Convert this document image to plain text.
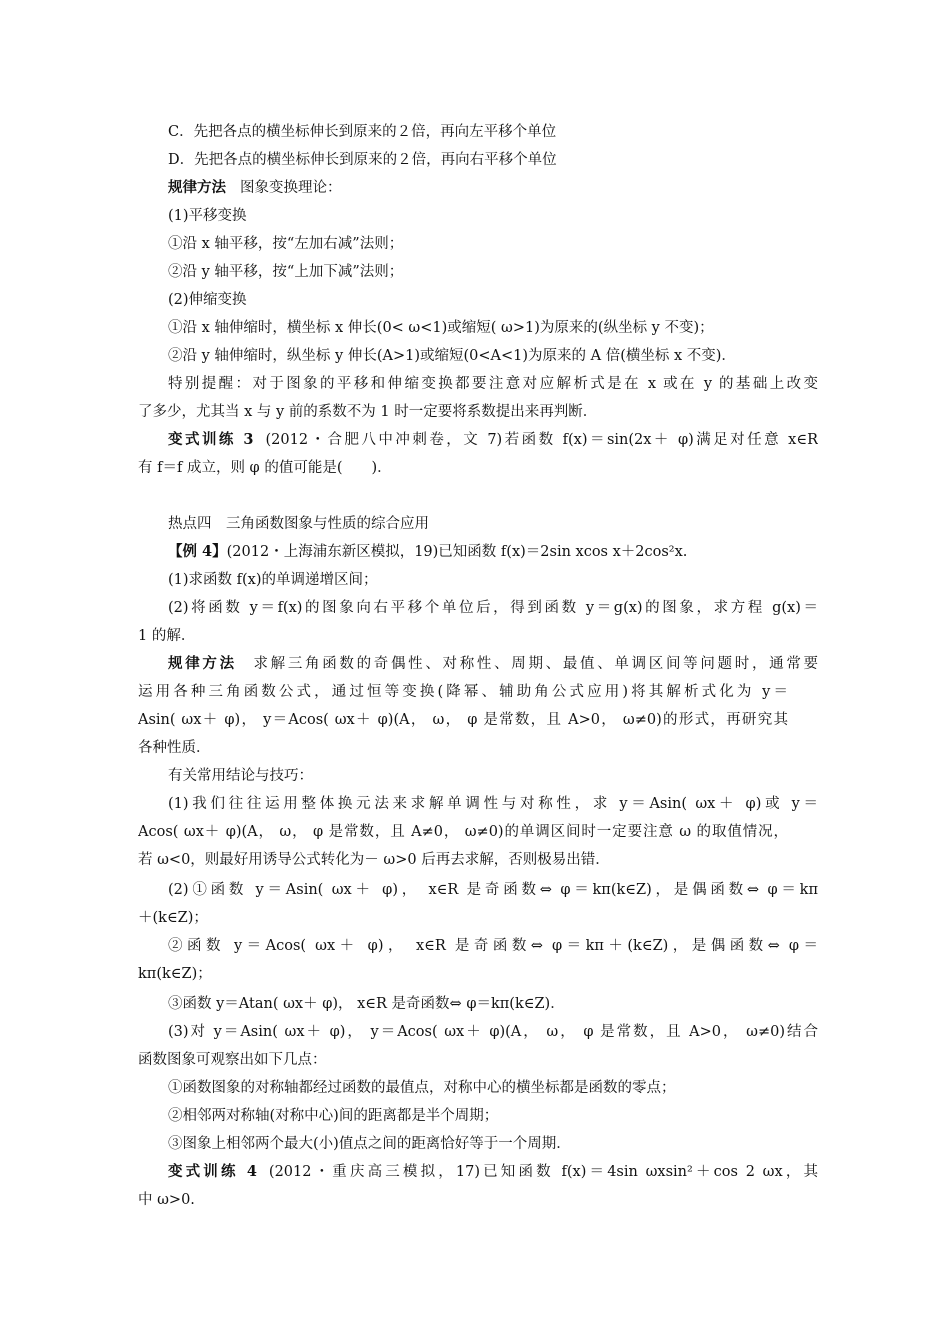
C．先把各点的横坐标伸长到原来的２倍，再向左平移个单位
D．先把各点的横坐标伸长到原来的２倍，再向右平移个单位
规律方法 图象变换理论：
(1)平移变换
①沿 x 轴平移，按“左加右减”法则；
②沿 y 轴平移，按“上加下减”法则；
(2)伸缩变换
①沿 x 轴伸缩时，横坐标 x 伸长(0< ω<1)或缩短( ω>1)为原来的(纵坐标 y 不变)；
②沿 y 轴伸缩时，纵坐标 y 伸长(A>1)或缩短(0<A<1)为原来的 A 倍(横坐标 x 不变)．
特别提醒：对于图象的平移和伸缩变换都要注意对应解析式是在 x 或在 y 的基础上改变
了多少，尤其当 x 与 y 前的系数不为 1 时一定要将系数提出来再判断．
变式训练 3 (2012・合肥八中冲刺卷，文 7)若函数 f(x)＝sin(2x＋ φ)满足对任意 x∈R
有 f＝f 成立，则 φ 的值可能是(　　)．
热点四　三角函数图象与性质的综合应用
【例 4】(2012・上海浦东新区模拟，19)已知函数 f(x)＝2sin xcos x＋2cos²x.
(1)求函数 f(x)的单调递增区间；
(2)将函数 y＝f(x)的图象向右平移个单位后，得到函数 y＝g(x)的图象，求方程 g(x)＝
1 的解．
规律方法 求解三角函数的奇偶性、对称性、周期、最值、单调区间等问题时，通常要
运用各种三角函数公式，通过恒等变换(降幂、辅助角公式应用)将其解析式化为 y＝
Asin( ωx＋ φ)， y＝Acos( ωx＋ φ)(A， ω， φ 是常数，且 A>0， ω≠0)的形式，再研究其
各种性质．
有关常用结论与技巧：
(1)我们往往运用整体换元法来求解单调性与对称性，求 y＝Asin( ωx＋ φ)或 y＝
Acos( ωx＋ φ)(A， ω， φ 是常数，且 A≠0， ω≠0)的单调区间时一定要注意 ω 的取值情况，
若 ω<0，则最好用诱导公式转化为－ ω>0 后再去求解，否则极易出错．
(2)①函数 y＝Asin( ωx＋ φ)， x∈R 是奇函数⇔ φ＝kπ(k∈Z)，是偶函数⇔ φ＝kπ
＋(k∈Z)；
②函数 y＝Acos( ωx＋ φ)， x∈R 是奇函数⇔ φ＝kπ＋(k∈Z)，是偶函数⇔ φ＝
kπ(k∈Z)；
③函数 y＝Atan( ωx＋ φ)， x∈R 是奇函数⇔ φ＝kπ(k∈Z)．
(3)对 y＝Asin( ωx＋ φ)， y＝Acos( ωx＋ φ)(A， ω， φ 是常数，且 A>0， ω≠0)结合
函数图象可观察出如下几点：
①函数图象的对称轴都经过函数的最值点，对称中心的横坐标都是函数的零点；
②相邻两对称轴(对称中心)间的距离都是半个周期；
③图象上相邻两个最大(小)值点之间的距离恰好等于一个周期．
变式训练 4 (2012・重庆高三模拟，17)已知函数 f(x)＝4sin ωxsin²＋cos 2 ωx，其
中 ω>0.
